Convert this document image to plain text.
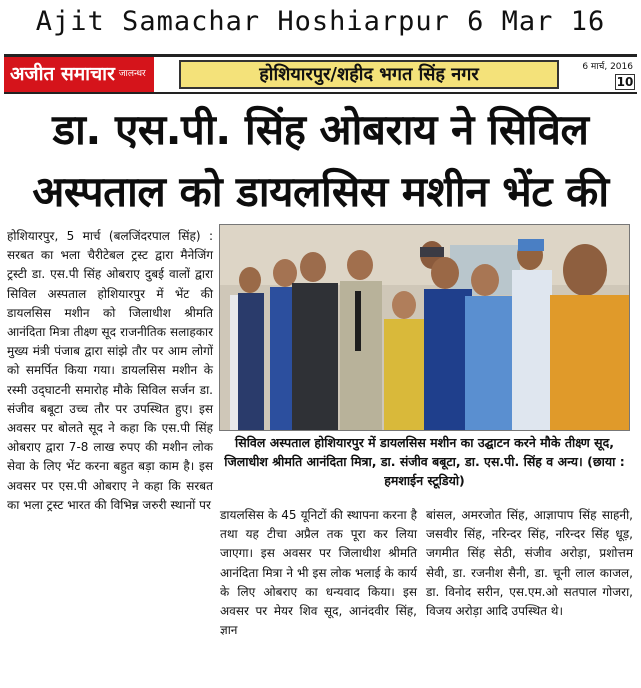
Ajit Samachar Hoshiarpur 6 Mar 16
अजीत समाचार जालन्धर	होशियारपुर/शहीद भगत सिंह नगर	6 मार्च, 2016
10
डा. एस.पी. सिंह ओबराय ने सिविल
अस्पताल को डायलसिस मशीन भेंट की
होशियारपुर, 5 मार्च (बलजिंदरपाल सिंह) : सरबत का भला चैरीटेबल ट्रस्ट द्वारा मैनेजिंग ट्रस्टी डा. एस.पी सिंह ओबराए दुबई वालों द्वारा सिविल अस्पताल होशियारपुर में भेंट की डायलसिस मशीन को जिलाधीश श्रीमति आनंदिता मित्रा तीक्ष्ण सूद राजनीतिक सलाहकार मुख्य मंत्री पंजाब द्वारा सांझे तौर पर आम लोगों को समर्पित किया गया। डायलसिस मशीन के रस्मी उद्‌घाटनी समारोह मौके सिविल सर्जन डा. संजीव बबूटा उच्च तौर पर उपस्थित हुए। इस अवसर पर बोलते सूद ने कहा कि एस.पी सिंह ओबराए द्वारा 7-8 लाख रुपए की मशीन लोक सेवा के लिए भेंट करना बहुत बड़ा काम है। इस अवसर पर एस.पी ओबराए ने कहा कि सरबत का भला ट्रस्ट भारत की विभिन्न जरुरी स्थानों पर
सिविल अस्पताल होशियारपुर में डायलसिस मशीन का उद्घाटन करने मौके तीक्ष्ण सूद, जिलाधीश श्रीमति आनंदिता मित्रा, डा. संजीव बबूटा, डा. एस.पी. सिंह व अन्य। (छाया : हमशाईन स्टूडियो)
डायलसिस के 45 यूनिटों की स्थापना करना है तथा यह टीचा अप्रैल तक पूरा कर लिया जाएगा। इस अवसर पर जिलाधीश श्रीमति आनंदिता मित्रा ने भी इस लोक भलाई के कार्य के लिए ओबराए का धन्यवाद किया। इस अवसर पर मेयर शिव सूद, आनंदवीर सिंह, ज्ञान
बांसल, अमरजोत सिंह, आज्ञापाप सिंह साहनी, जसवीर सिंह, नरिन्दर सिंह, नरिन्दर सिंह धूड़, जगमीत सिंह सेठी, संजीव अरोड़ा, प्रशोत्तम सेवी, डा. रजनीश सैनी, डा. चूनी लाल काजल, डा. विनोद सरीन, एस.एम.ओ सतपाल गोजरा, विजय अरोड़ा आदि उपस्थित थे।
